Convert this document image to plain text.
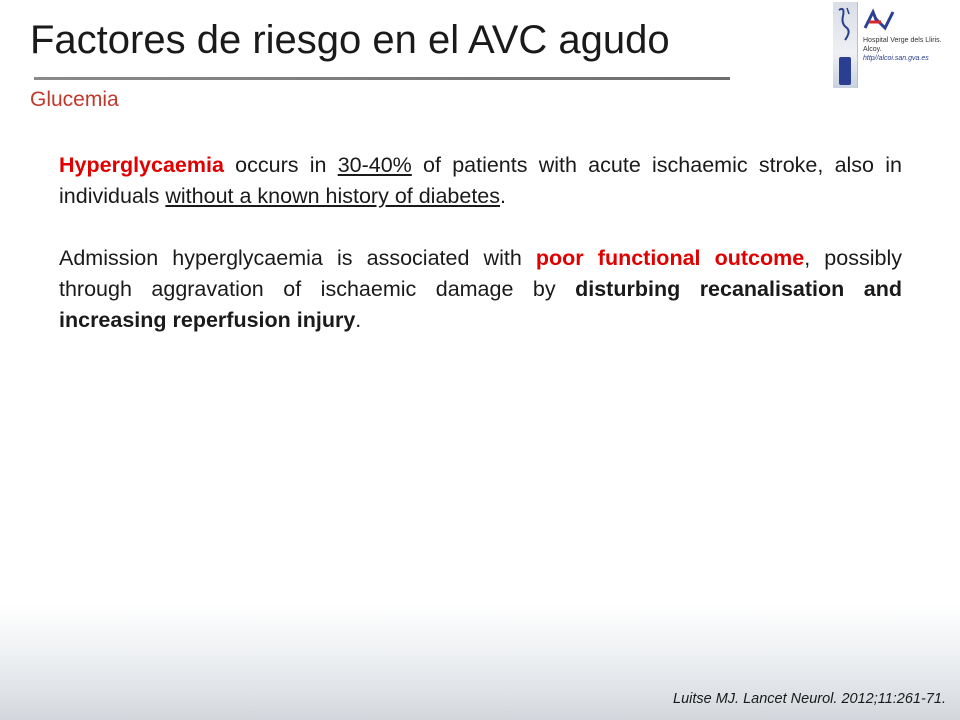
Factores de riesgo en el AVC agudo
Glucemia
Hospital Verge dels Lliris.
Alcoy.
http//alcoi.san.gva.es

Hyperglycaemia occurs in 30-40% of patients with acute ischaemic stroke, also in individuals without a known history of diabetes.

Admission hyperglycaemia is associated with poor functional outcome, possibly through aggravation of ischaemic damage by disturbing recanalisation and increasing reperfusion injury.

Luitse MJ. Lancet Neurol. 2012;11:261-71.
